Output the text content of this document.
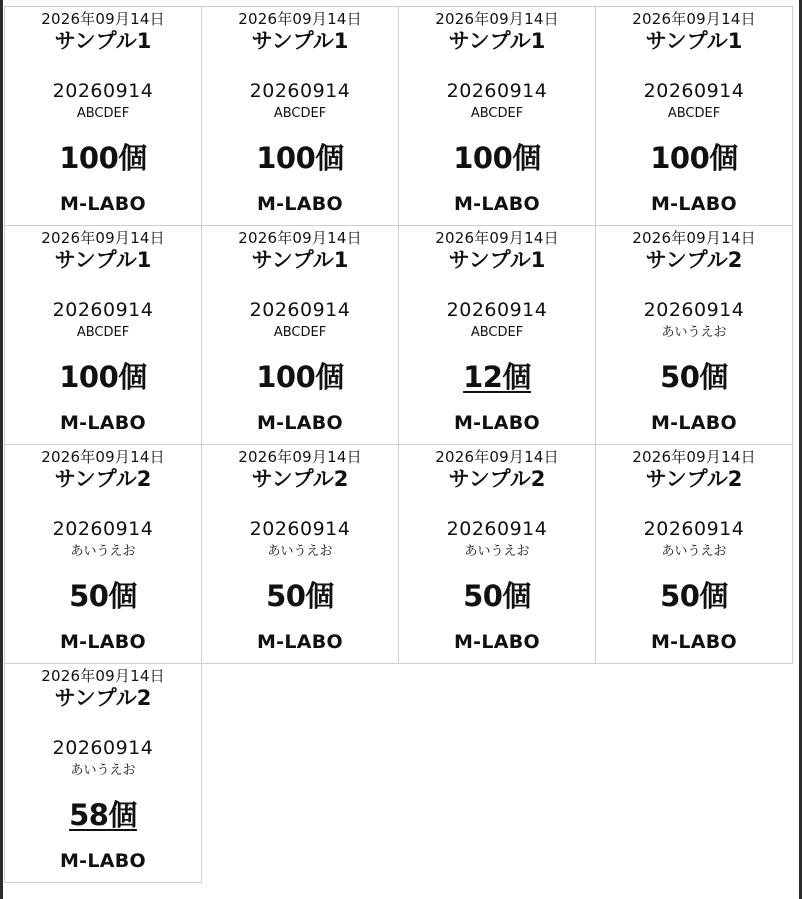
2026年09月14日
サンプル1
20260914
ABCDEF
100個
M-LABO
2026年09月14日
サンプル1
20260914
ABCDEF
100個
M-LABO
2026年09月14日
サンプル1
20260914
ABCDEF
100個
M-LABO
2026年09月14日
サンプル1
20260914
ABCDEF
100個
M-LABO
2026年09月14日
サンプル1
20260914
ABCDEF
100個
M-LABO
2026年09月14日
サンプル1
20260914
ABCDEF
100個
M-LABO
2026年09月14日
サンプル1
20260914
ABCDEF
12個
M-LABO
2026年09月14日
サンプル2
20260914
あいうえお
50個
M-LABO
2026年09月14日
サンプル2
20260914
あいうえお
50個
M-LABO
2026年09月14日
サンプル2
20260914
あいうえお
50個
M-LABO
2026年09月14日
サンプル2
20260914
あいうえお
50個
M-LABO
2026年09月14日
サンプル2
20260914
あいうえお
50個
M-LABO
2026年09月14日
サンプル2
20260914
あいうえお
58個
M-LABO
